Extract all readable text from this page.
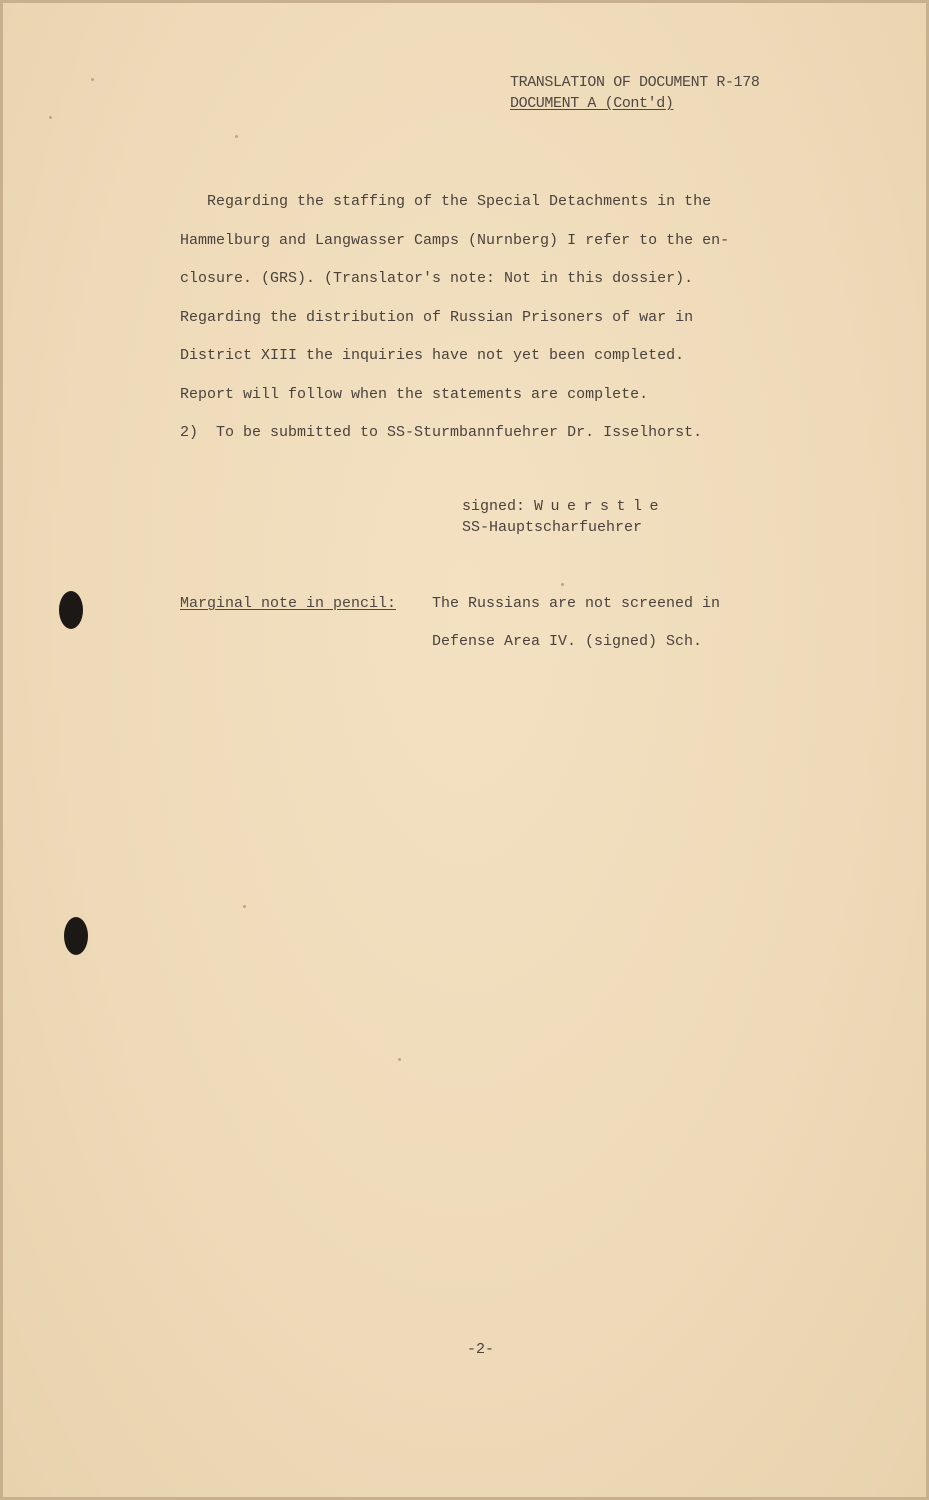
TRANSLATION OF DOCUMENT R-178
DOCUMENT A (Cont'd)
Regarding the staffing of the Special Detachments in the
Hammelburg and Langwasser Camps (Nurnberg) I refer to the en-
closure. (GRS). (Translator's note: Not in this dossier).
Regarding the distribution of Russian Prisoners of war in
District XIII the inquiries have not yet been completed.
Report will follow when the statements are complete.
2)  To be submitted to SS-Sturmbannfuehrer Dr. Isselhorst.
signed: Wuerstle
SS-Hauptscharfuehrer
Marginal note in pencil: The Russians are not screened in
Defense Area IV. (signed) Sch.
-2-
